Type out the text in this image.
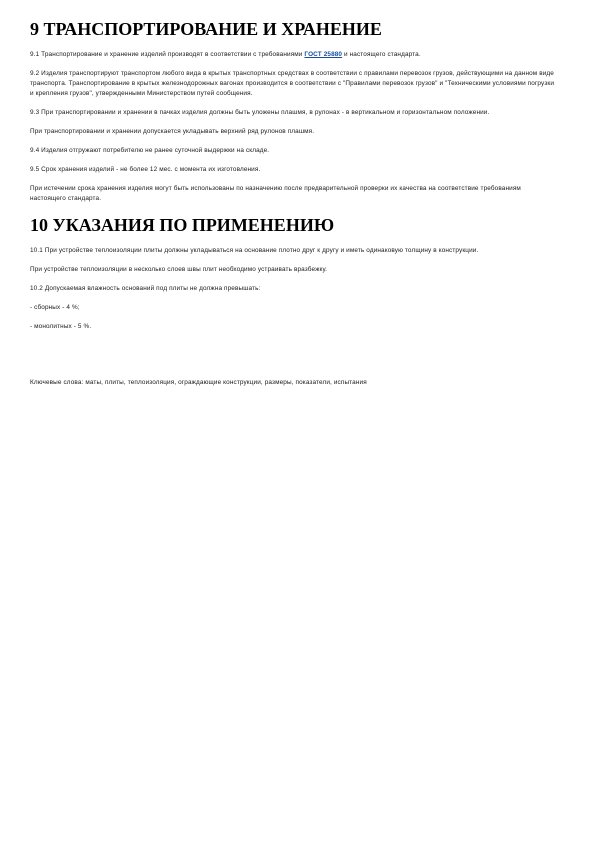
9 ТРАНСПОРТИРОВАНИЕ И ХРАНЕНИЕ

9.1 Транспортирование и хранение изделий производят в соответствии с требованиями ГОСТ 25880 и настоящего стандарта.

9.2 Изделия транспортируют транспортом любого вида в крытых транспортных средствах в соответствии с правилами перевозок грузов, действующими на данном виде транспорта. Транспортирование в крытых железнодорожных вагонах производится в соответствии с "Правилами перевозок грузов" и "Техническими условиями погрузки и крепления грузов", утвержденными Министерством путей сообщения.

9.3 При транспортировании и хранении в пачках изделия должны быть уложены плашмя, в рулонах - в вертикальном и горизонтальном положении.

При транспортировании и хранении допускается укладывать верхний ряд рулонов плашмя.

9.4 Изделия отгружают потребителю не ранее суточной выдержки на складе.

9.5 Срок хранения изделий - не более 12 мес. с момента их изготовления.

При истечении срока хранения изделия могут быть использованы по назначению после предварительной проверки их качества на соответствие требованиям настоящего стандарта.

10 УКАЗАНИЯ ПО ПРИМЕНЕНИЮ

10.1 При устройстве теплоизоляции плиты должны укладываться на основание плотно друг к другу и иметь одинаковую толщину в конструкции.

При устройстве теплоизоляции в несколько слоев швы плит необходимо устраивать вразбежку.

10.2 Допускаемая влажность оснований под плиты не должна превышать:

- сборных - 4 %;

- монолитных - 5 %.

Ключевые слова: маты, плиты, теплоизоляция, ограждающие конструкции, размеры, показатели, испытания
